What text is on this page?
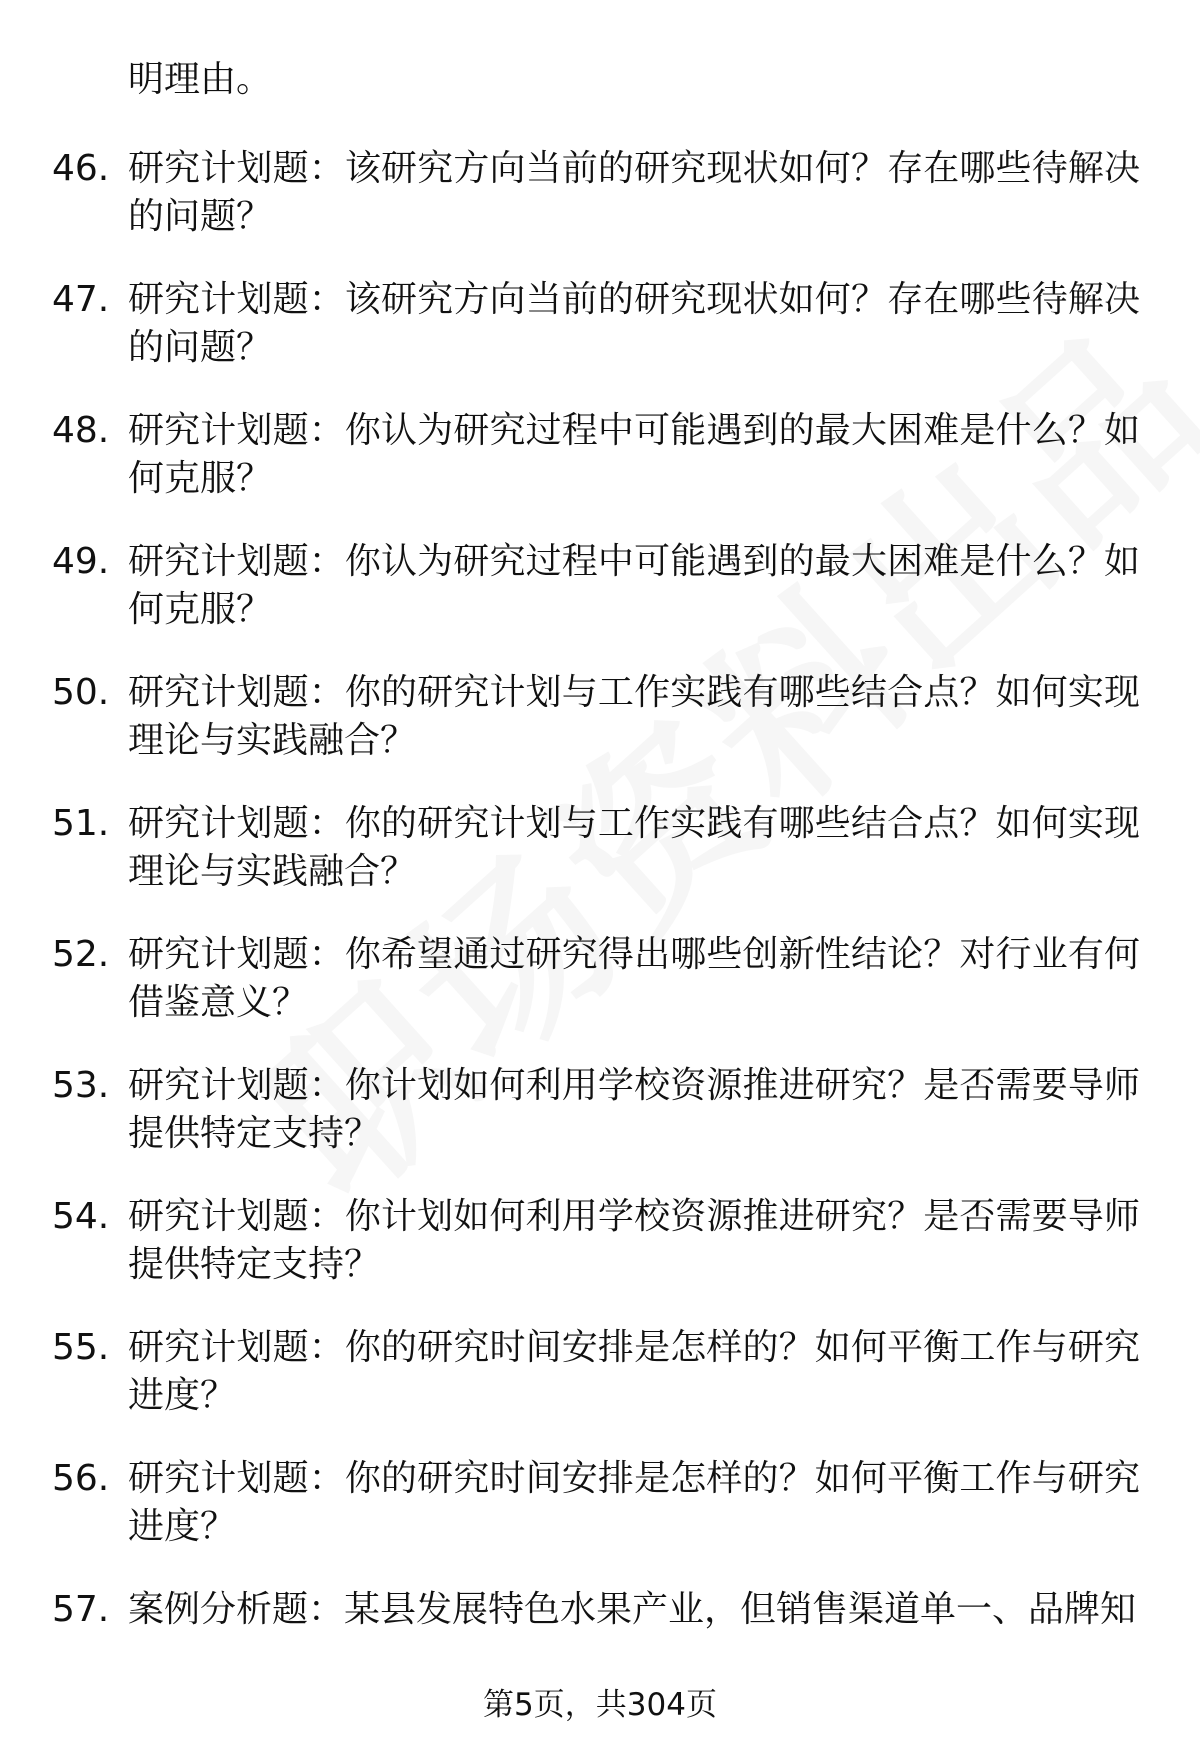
明理由。
46. 研究计划题：该研究方向当前的研究现状如何？存在哪些待解决的问题？
47. 研究计划题：该研究方向当前的研究现状如何？存在哪些待解决的问题？
48. 研究计划题：你认为研究过程中可能遇到的最大困难是什么？如何克服？
49. 研究计划题：你认为研究过程中可能遇到的最大困难是什么？如何克服？
50. 研究计划题：你的研究计划与工作实践有哪些结合点？如何实现理论与实践融合？
51. 研究计划题：你的研究计划与工作实践有哪些结合点？如何实现理论与实践融合？
52. 研究计划题：你希望通过研究得出哪些创新性结论？对行业有何借鉴意义？
53. 研究计划题：你计划如何利用学校资源推进研究？是否需要导师提供特定支持？
54. 研究计划题：你计划如何利用学校资源推进研究？是否需要导师提供特定支持？
55. 研究计划题：你的研究时间安排是怎样的？如何平衡工作与研究进度？
56. 研究计划题：你的研究时间安排是怎样的？如何平衡工作与研究进度？
57. 案例分析题：某县发展特色水果产业，但销售渠道单一、品牌知
第5页，共304页
